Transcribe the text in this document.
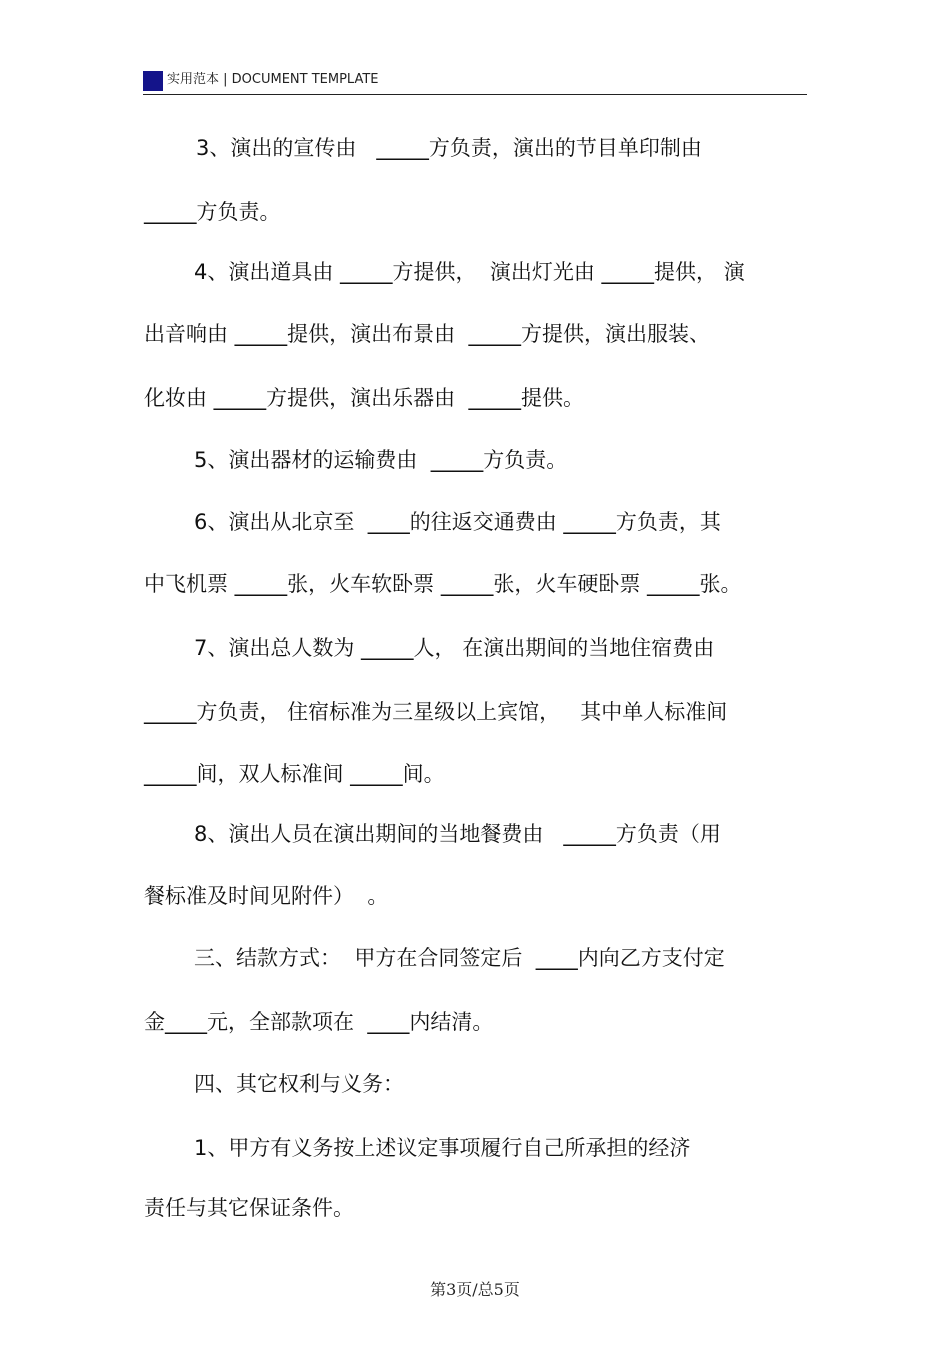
实用范本 | DOCUMENT TEMPLATE
3、演出的宣传由   _____方负责，演出的节目单印制由
_____方负责。
4、演出道具由 _____方提供，  演出灯光由 _____提供， 演
出音响由 _____提供，演出布景由  _____方提供，演出服装、
化妆由 _____方提供，演出乐器由  _____提供。
5、演出器材的运输费由  _____方负责。
6、演出从北京至  ____的往返交通费由 _____方负责，其
中飞机票 _____张，火车软卧票 _____张，火车硬卧票 _____张。
7、演出总人数为 _____人， 在演出期间的当地住宿费由
_____方负责， 住宿标准为三星级以上宾馆，   其中单人标准间
_____间，双人标准间 _____间。
8、演出人员在演出期间的当地餐费由   _____方负责（用
餐标准及时间见附件）  。
三、结款方式：  甲方在合同签定后  ____内向乙方支付定
金____元，全部款项在  ____内结清。
四、其它权利与义务：
1、甲方有义务按上述议定事项履行自己所承担的经济
责任与其它保证条件。
第3页/总5页
